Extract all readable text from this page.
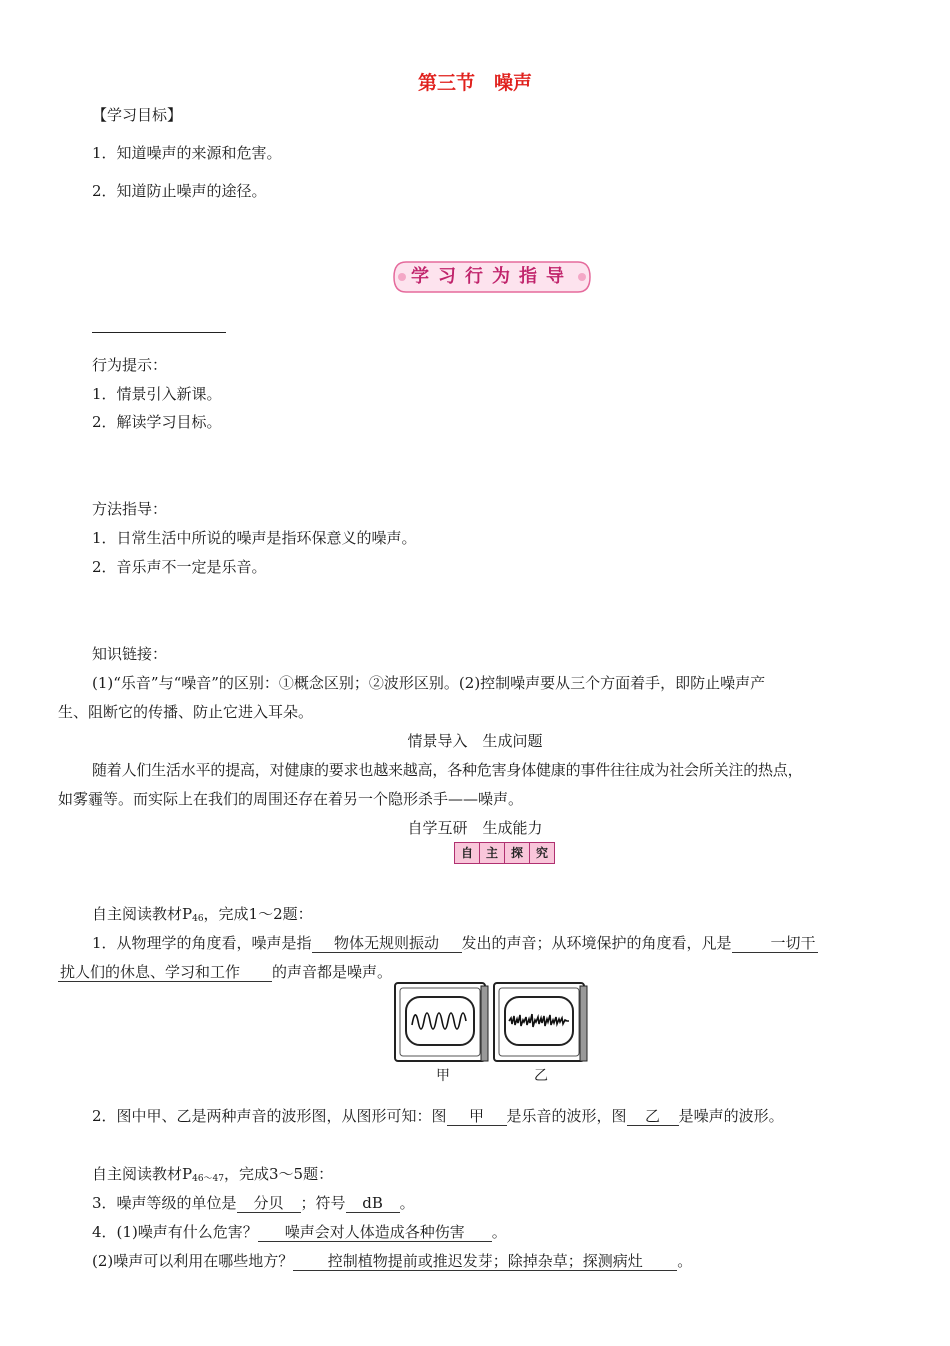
第三节　噪声
【学习目标】
1．知道噪声的来源和危害。
2．知道防止噪声的途径。
学习行为指导
行为提示：
1．情景引入新课。
2．解读学习目标。
方法指导：
1．日常生活中所说的噪声是指环保意义的噪声。
2．音乐声不一定是乐音。
知识链接：
(1)“乐音”与“噪音”的区别：①概念区别；②波形区别。(2)控制噪声要从三个方面着手，即防止噪声产
生、阻断它的传播、防止它进入耳朵。
情景导入　生成问题
随着人们生活水平的提高，对健康的要求也越来越高，各种危害身体健康的事件往往成为社会所关注的热点，
如雾霾等。而实际上在我们的周围还存在着另一个隐形杀手——噪声。
自学互研　生成能力
自	主	探	究
自主阅读教材$P_{46}$，完成1～2题：
1．从物理学的角度看，噪声是指 物体无规则振动 发出的声音；从环境保护的角度看，凡是	一切干
扰人们的休息、学习和工作 的声音都是噪声。
甲	乙
2．图中甲、乙是两种声音的波形图，从图形可知：图 甲 是乐音的波形，图 乙 是噪声的波形。
自主阅读教材$P_{46\sim 47}$，完成3～5题：
3．噪声等级的单位是 分贝 ；符号 dB 。
4．(1)噪声有什么危害？ 噪声会对人体造成各种伤害 。
(2)噪声可以利用在哪些地方？ 控制植物提前或推迟发芽；除掉杂草；探测病灶 。
